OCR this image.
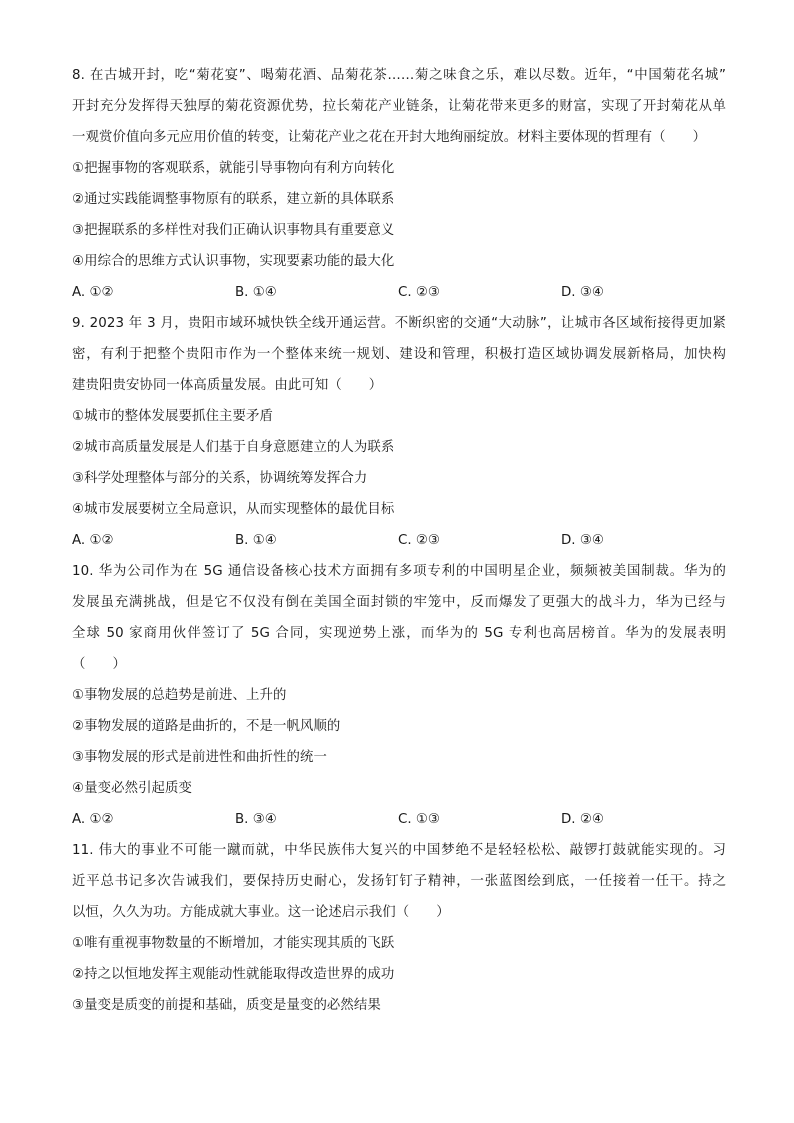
8. 在古城开封，吃“菊花宴”、喝菊花酒、品菊花茶……菊之味食之乐，难以尽数。近年，“中国菊花名城”
开封充分发挥得天独厚的菊花资源优势，拉长菊花产业链条，让菊花带来更多的财富，实现了开封菊花从单
一观赏价值向多元应用价值的转变，让菊花产业之花在开封大地绚丽绽放。材料主要体现的哲理有（　　）
①把握事物的客观联系，就能引导事物向有利方向转化
②通过实践能调整事物原有的联系，建立新的具体联系
③把握联系的多样性对我们正确认识事物具有重要意义
④用综合的思维方式认识事物，实现要素功能的最大化
A. ①②	B. ①④	C. ②③	D. ③④
9. 2023 年 3 月，贵阳市域环城快铁全线开通运营。不断织密的交通“大动脉”，让城市各区域衔接得更加紧
密，有利于把整个贵阳市作为一个整体来统一规划、建设和管理，积极打造区域协调发展新格局，加快构
建贵阳贵安协同一体高质量发展。由此可知（　　）
①城市的整体发展要抓住主要矛盾
②城市高质量发展是人们基于自身意愿建立的人为联系
③科学处理整体与部分的关系，协调统筹发挥合力
④城市发展要树立全局意识，从而实现整体的最优目标
A. ①②	B. ①④	C. ②③	D. ③④
10. 华为公司作为在 5G 通信设备核心技术方面拥有多项专利的中国明星企业，频频被美国制裁。华为的
发展虽充满挑战，但是它不仅没有倒在美国全面封锁的牢笼中，反而爆发了更强大的战斗力，华为已经与
全球 50 家商用伙伴签订了 5G 合同，实现逆势上涨，而华为的 5G 专利也高居榜首。华为的发展表明
（　　）
①事物发展的总趋势是前进、上升的
②事物发展的道路是曲折的，不是一帆风顺的
③事物发展的形式是前进性和曲折性的统一
④量变必然引起质变
A. ①②	B. ③④	C. ①③	D. ②④
11. 伟大的事业不可能一蹴而就，中华民族伟大复兴的中国梦绝不是轻轻松松、敲锣打鼓就能实现的。习
近平总书记多次告诫我们，要保持历史耐心，发扬钉钉子精神，一张蓝图绘到底，一任接着一任干。持之
以恒，久久为功。方能成就大事业。这一论述启示我们（　　）
①唯有重视事物数量的不断增加，才能实现其质的飞跃
②持之以恒地发挥主观能动性就能取得改造世界的成功
③量变是质变的前提和基础，质变是量变的必然结果
